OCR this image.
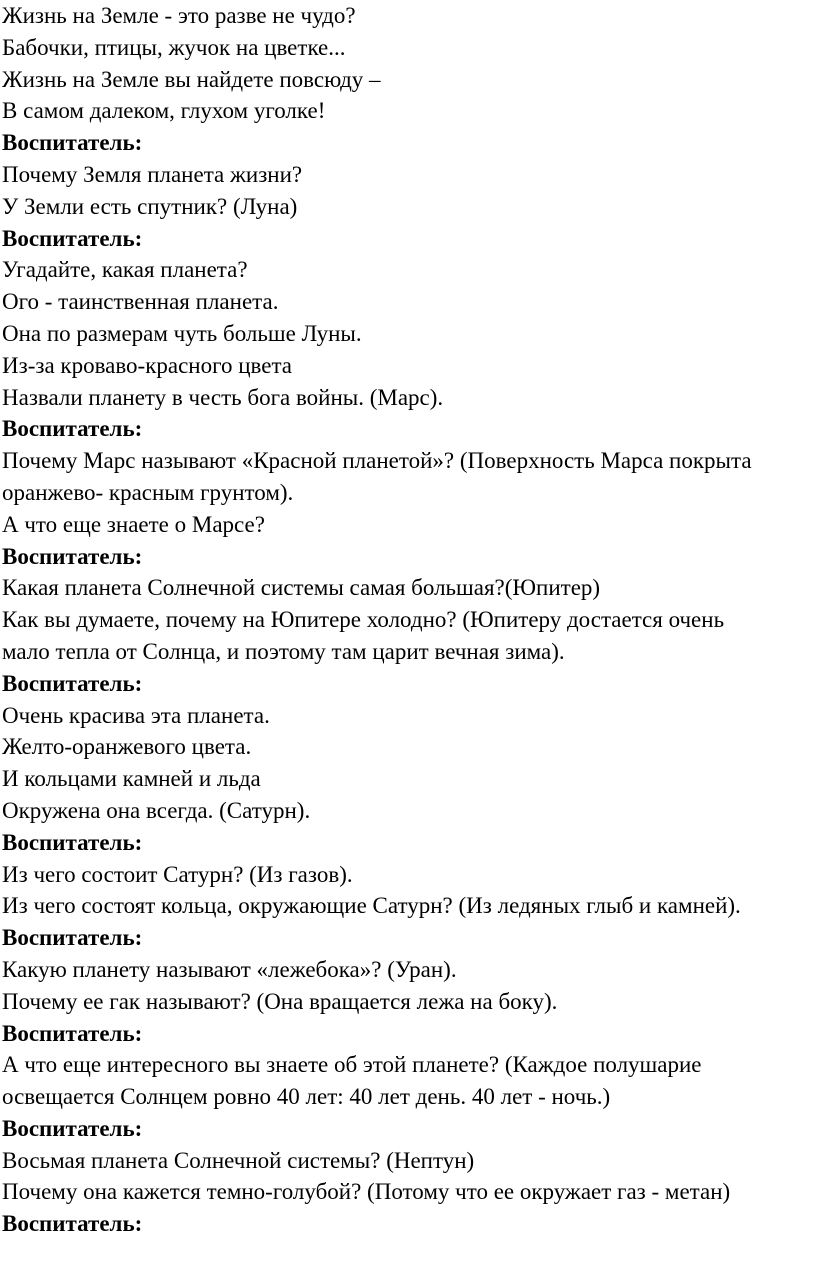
Жизнь на Земле - это разве не чудо?

Бабочки, птицы, жучок на цветке...

Жизнь на Земле вы найдете повсюду –

В самом далеком, глухом уголке!

Воспитатель:

Почему Земля планета жизни?

У Земли есть спутник? (Луна)

Воспитатель:

Угадайте, какая планета?

Ого - таинственная планета.

Она по размерам чуть больше Луны.

Из-за кроваво-красного цвета

Назвали планету в честь бога войны. (Марс).

Воспитатель:

Почему Марс называют «Красной планетой»? (Поверхность Марса покрыта

оранжево- красным грунтом).

А что еще знаете о Марсе?

Воспитатель:

Какая планета Солнечной системы самая большая?(Юпитер)

Как вы думаете, почему на Юпитере холодно? (Юпитеру достается очень

мало тепла от Солнца, и поэтому там царит вечная зима).

Воспитатель:

Очень красива эта планета.

Желто-оранжевого цвета.

И кольцами камней и льда

Окружена она всегда. (Сатурн).

Воспитатель:

Из чего состоит Сатурн? (Из газов).

Из чего состоят кольца, окружающие Сатурн? (Из ледяных глыб и камней).

Воспитатель:

Какую планету называют «лежебока»? (Уран).

Почему ее гак называют? (Она вращается лежа на боку).

Воспитатель:

А что еще интересного вы знаете об этой планете? (Каждое полушарие

освещается Солнцем ровно 40 лет: 40 лет день. 40 лет - ночь.)

Воспитатель:

Восьмая планета Солнечной системы? (Нептун)

Почему она кажется темно-голубой? (Потому что ее окружает газ - метан)

Воспитатель:
